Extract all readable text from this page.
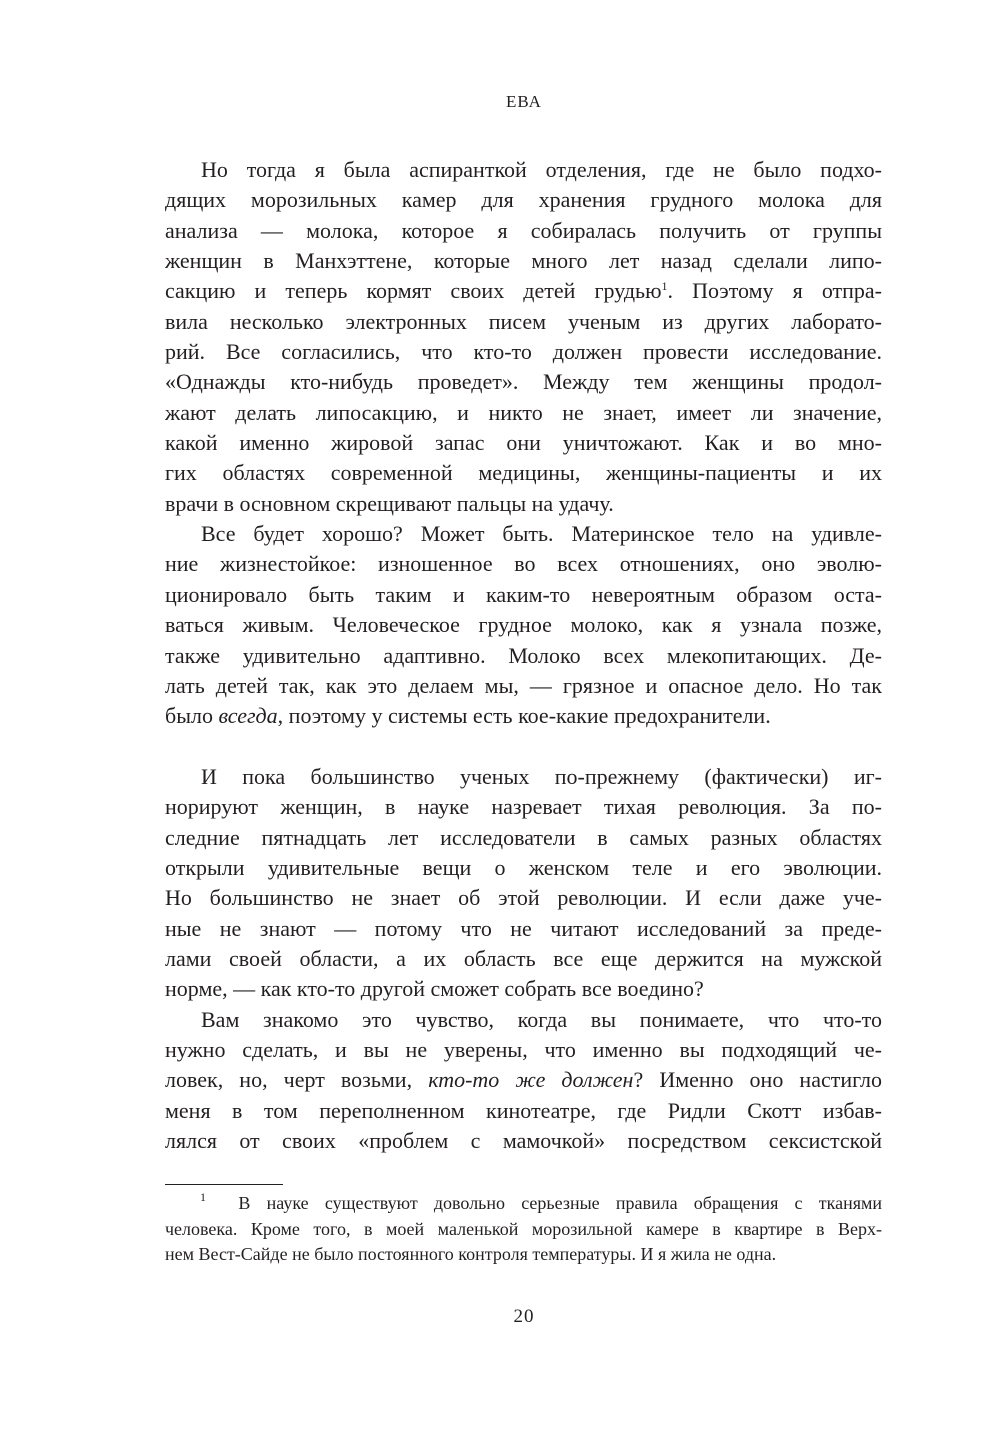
ЕВА
Но тогда я была аспиранткой отделения, где не было подхо-
дящих морозильных камер для хранения грудного молока для
анализа — молока, которое я собиралась получить от группы
женщин в Манхэттене, которые много лет назад сделали липо-
сакцию и теперь кормят своих детей грудью$^1$. Поэтому я отпра-
вила несколько электронных писем ученым из других лаборато-
рий. Все согласились, что кто-то должен провести исследование.
«Однажды кто-нибудь проведет». Между тем женщины продол-
жают делать липосакцию, и никто не знает, имеет ли значение,
какой именно жировой запас они уничтожают. Как и во мно-
гих областях современной медицины, женщины-пациенты и их
врачи в основном скрещивают пальцы на удачу.
Все будет хорошо? Может быть. Материнское тело на удивле-
ние жизнестойкое: изношенное во всех отношениях, оно эволю-
ционировало быть таким и каким-то невероятным образом оста-
ваться живым. Человеческое грудное молоко, как я узнала позже,
также удивительно адаптивно. Молоко всех млекопитающих. Де-
лать детей так, как это делаем мы, — грязное и опасное дело. Но так
было всегда, поэтому у системы есть кое-какие предохранители.
И пока большинство ученых по-прежнему (фактически) иг-
норируют женщин, в науке назревает тихая революция. За по-
следние пятнадцать лет исследователи в самых разных областях
открыли удивительные вещи о женском теле и его эволюции.
Но большинство не знает об этой революции. И если даже уче-
ные не знают — потому что не читают исследований за преде-
лами своей области, а их область все еще держится на мужской
норме, — как кто-то другой сможет собрать все воедино?
Вам знакомо это чувство, когда вы понимаете, что что-то
нужно сделать, и вы не уверены, что именно вы подходящий че-
ловек, но, черт возьми, кто-то же должен? Именно оно настигло
меня в том переполненном кинотеатре, где Ридли Скотт избав-
лялся от своих «проблем с мамочкой» посредством сексистской
$^1$ В науке существуют довольно серьезные правила обращения с тканями
человека. Кроме того, в моей маленькой морозильной камере в квартире в Верх-
нем Вест-Сайде не было постоянного контроля температуры. И я жила не одна.
20
